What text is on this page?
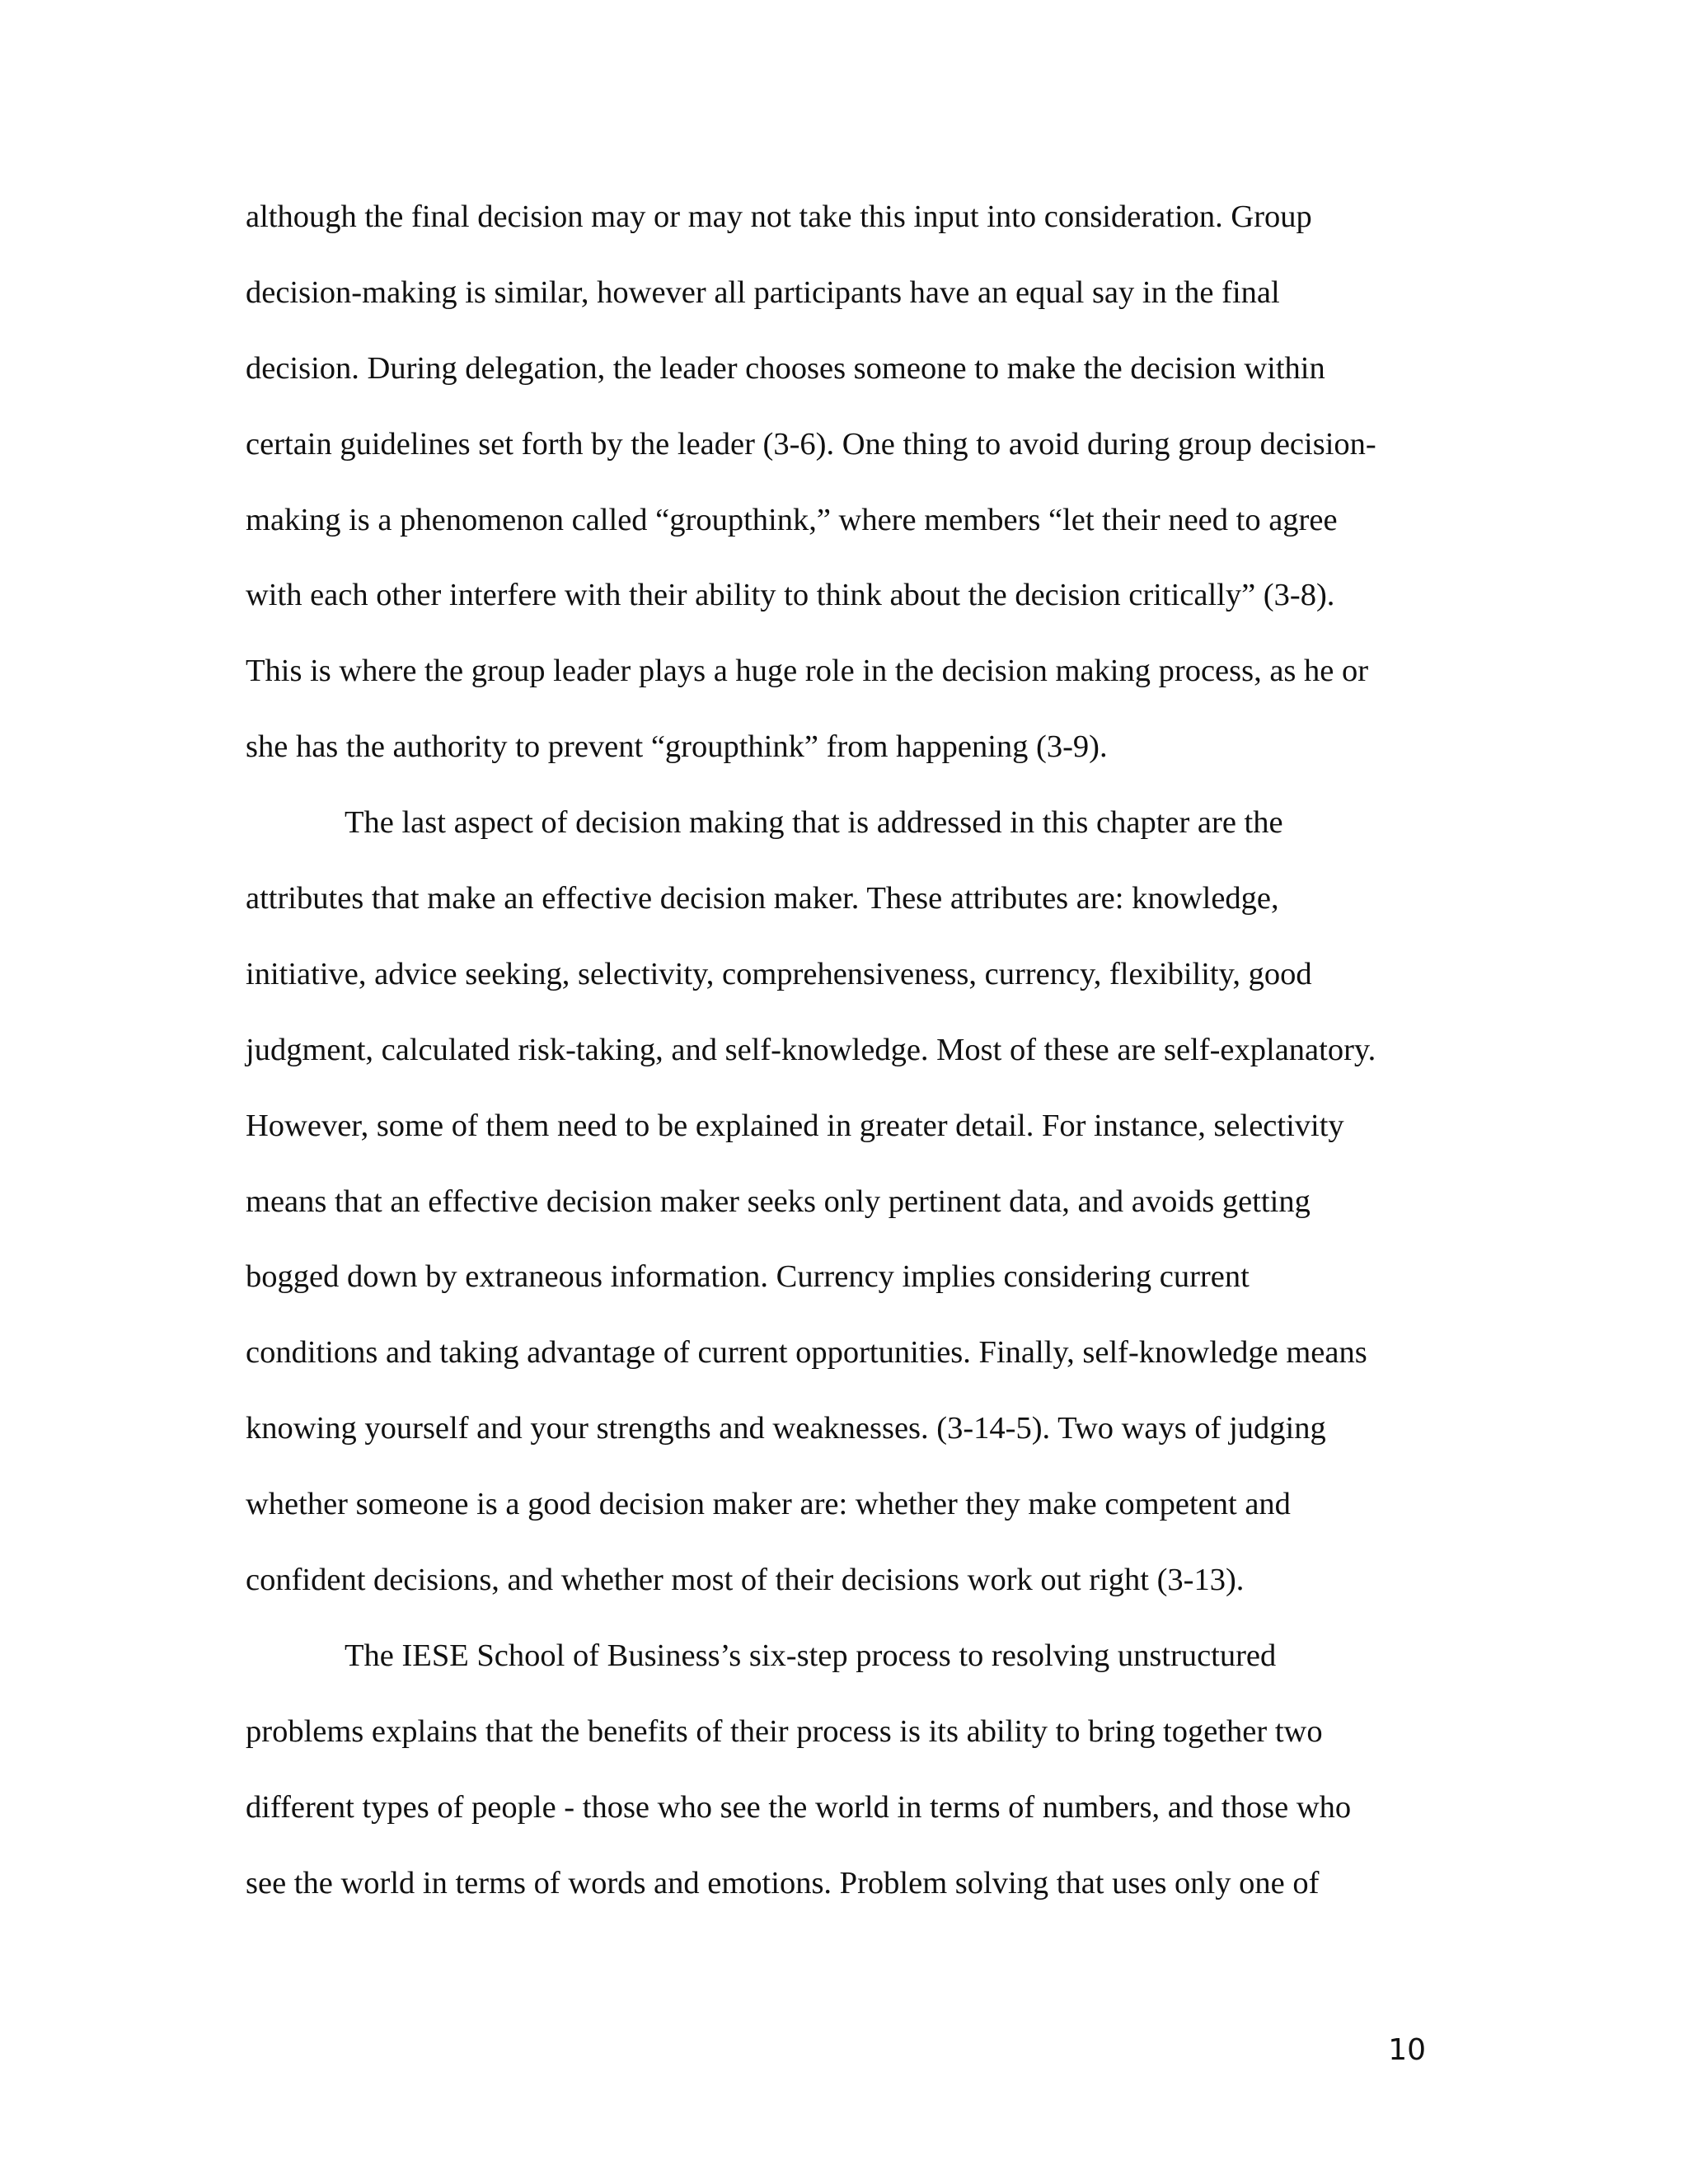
although the final decision may or may not take this input into consideration. Group
decision-making is similar, however all participants have an equal say in the final
decision. During delegation, the leader chooses someone to make the decision within
certain guidelines set forth by the leader (3-6). One thing to avoid during group decision-
making is a phenomenon called “groupthink,” where members “let their need to agree
with each other interfere with their ability to think about the decision critically” (3-8).
This is where the group leader plays a huge role in the decision making process, as he or
she has the authority to prevent “groupthink” from happening (3-9).
The last aspect of decision making that is addressed in this chapter are the
attributes that make an effective decision maker. These attributes are: knowledge,
initiative, advice seeking, selectivity, comprehensiveness, currency, flexibility, good
judgment, calculated risk-taking, and self-knowledge. Most of these are self-explanatory.
However, some of them need to be explained in greater detail. For instance, selectivity
means that an effective decision maker seeks only pertinent data, and avoids getting
bogged down by extraneous information. Currency implies considering current
conditions and taking advantage of current opportunities. Finally, self-knowledge means
knowing yourself and your strengths and weaknesses. (3-14-5). Two ways of judging
whether someone is a good decision maker are: whether they make competent and
confident decisions, and whether most of their decisions work out right (3-13).
The IESE School of Business’s six-step process to resolving unstructured
problems explains that the benefits of their process is its ability to bring together two
different types of people - those who see the world in terms of numbers, and those who
see the world in terms of words and emotions. Problem solving that uses only one of
10
